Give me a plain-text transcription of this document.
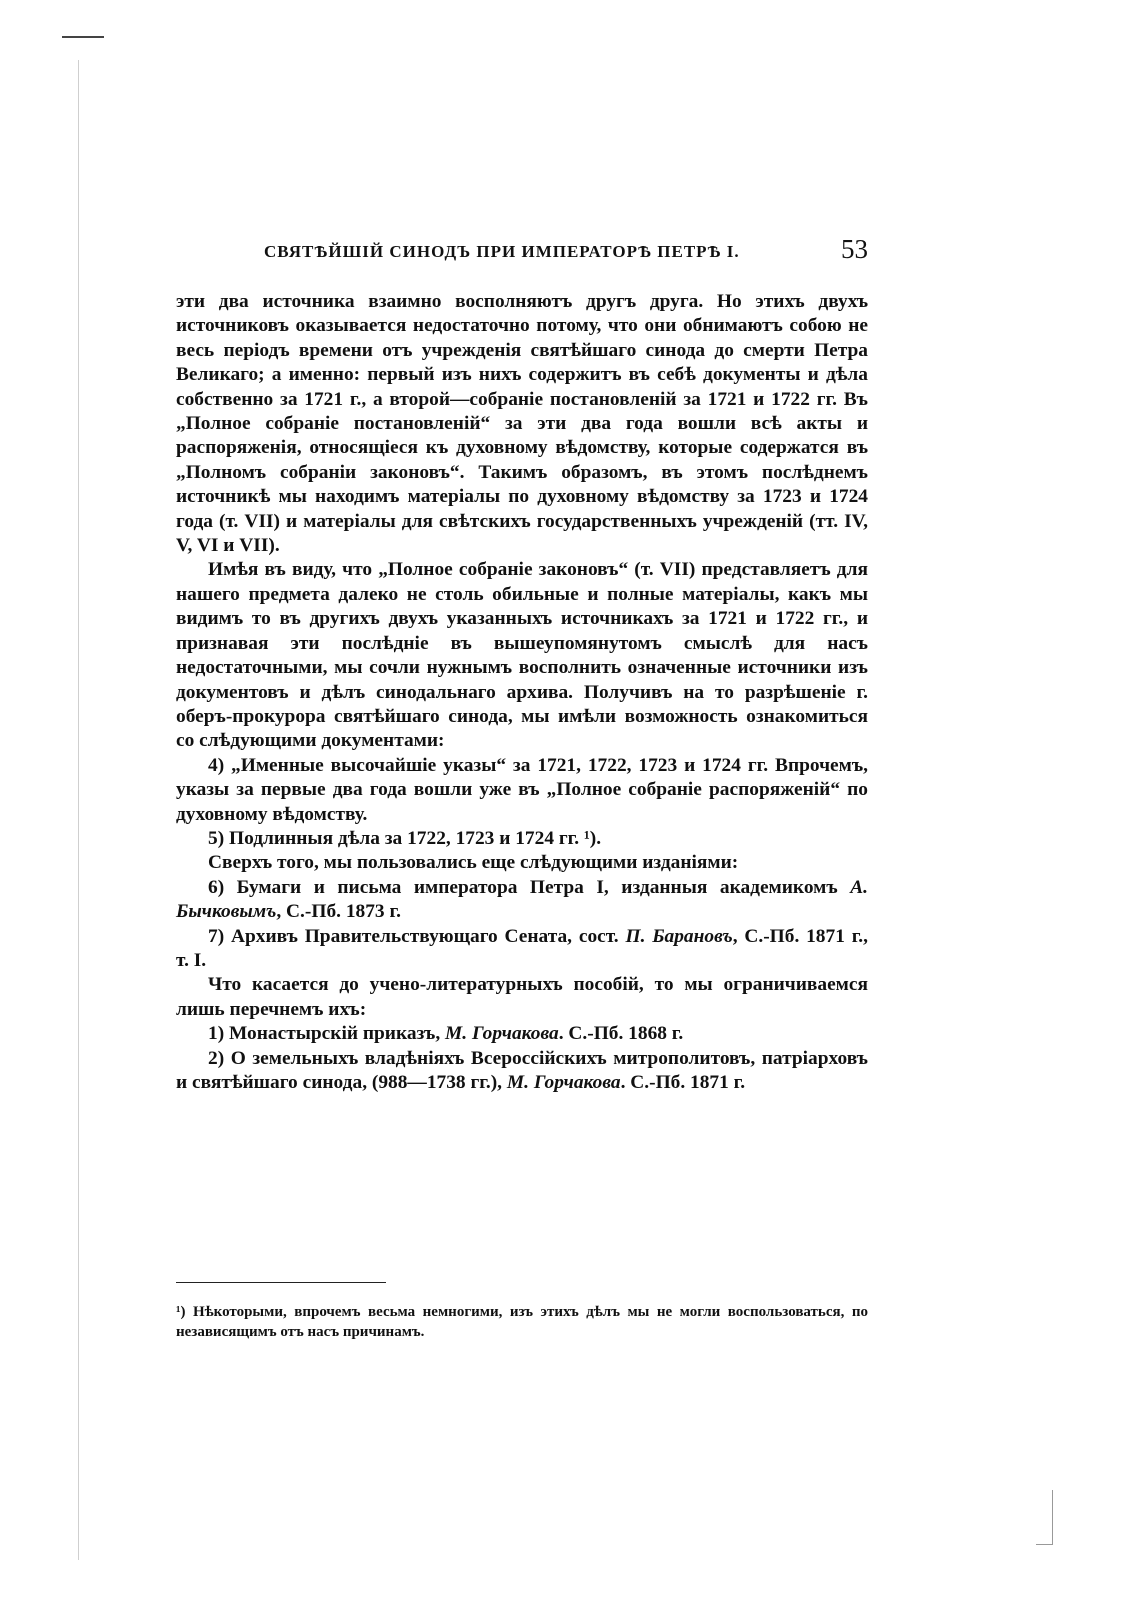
СВЯТѢЙШІЙ СИНОДЪ ПРИ ИМПЕРАТОРѢ ПЕТРѢ I.	53

эти два источника взаимно восполняютъ другъ друга. Но этихъ двухъ источниковъ оказывается недостаточно потому, что они обнимаютъ собою не весь періодъ времени отъ учрежденія святѣйшаго синода до смерти Петра Великаго; а именно: первый изъ нихъ содержитъ въ себѣ документы и дѣла собственно за 1721 г., а второй—собраніе постановленій за 1721 и 1722 гг. Въ „Полное собраніе постановленій“ за эти два года вошли всѣ акты и распоряженія, относящіеся къ духовному вѣдомству, которые содержатся въ „Полномъ собраніи законовъ“. Такимъ образомъ, въ этомъ послѣднемъ источникѣ мы находимъ матеріалы по духовному вѣдомству за 1723 и 1724 года (т. VII) и матеріалы для свѣтскихъ государственныхъ учрежденій (тт. IV, V, VI и VII).

Имѣя въ виду, что „Полное собраніе законовъ“ (т. VII) представляетъ для нашего предмета далеко не столь обильные и полные матеріалы, какъ мы видимъ то въ другихъ двухъ указанныхъ источникахъ за 1721 и 1722 гг., и признавая эти послѣдніе въ вышеупомянутомъ смыслѣ для насъ недостаточными, мы сочли нужнымъ восполнить означенные источники изъ документовъ и дѣлъ синодальнаго архива. Получивъ на то разрѣшеніе г. оберъ-прокурора святѣйшаго синода, мы имѣли возможность ознакомиться со слѣдующими документами:

4) „Именные высочайшіе указы“ за 1721, 1722, 1723 и 1724 гг. Впрочемъ, указы за первые два года вошли уже въ „Полное собраніе распоряженій“ по духовному вѣдомству.

5) Подлинныя дѣла за 1722, 1723 и 1724 гг. ¹).

Сверхъ того, мы пользовались еще слѣдующими изданіями:

6) Бумаги и письма императора Петра I, изданныя академикомъ А. Бычковымъ, С.-Пб. 1873 г.

7) Архивъ Правительствующаго Сената, сост. П. Барановъ, С.-Пб. 1871 г., т. I.

Что касается до учено-литературныхъ пособій, то мы ограничиваемся лишь перечнемъ ихъ:

1) Монастырскій приказъ, М. Горчакова. С.-Пб. 1868 г.

2) О земельныхъ владѣніяхъ Всероссійскихъ митрополитовъ, патріарховъ и святѣйшаго синода, (988—1738 гг.), М. Горчакова. С.-Пб. 1871 г.

¹) Нѣкоторыми, впрочемъ весьма немногими, изъ этихъ дѣлъ мы не могли воспользоваться, по независящимъ отъ насъ причинамъ.
